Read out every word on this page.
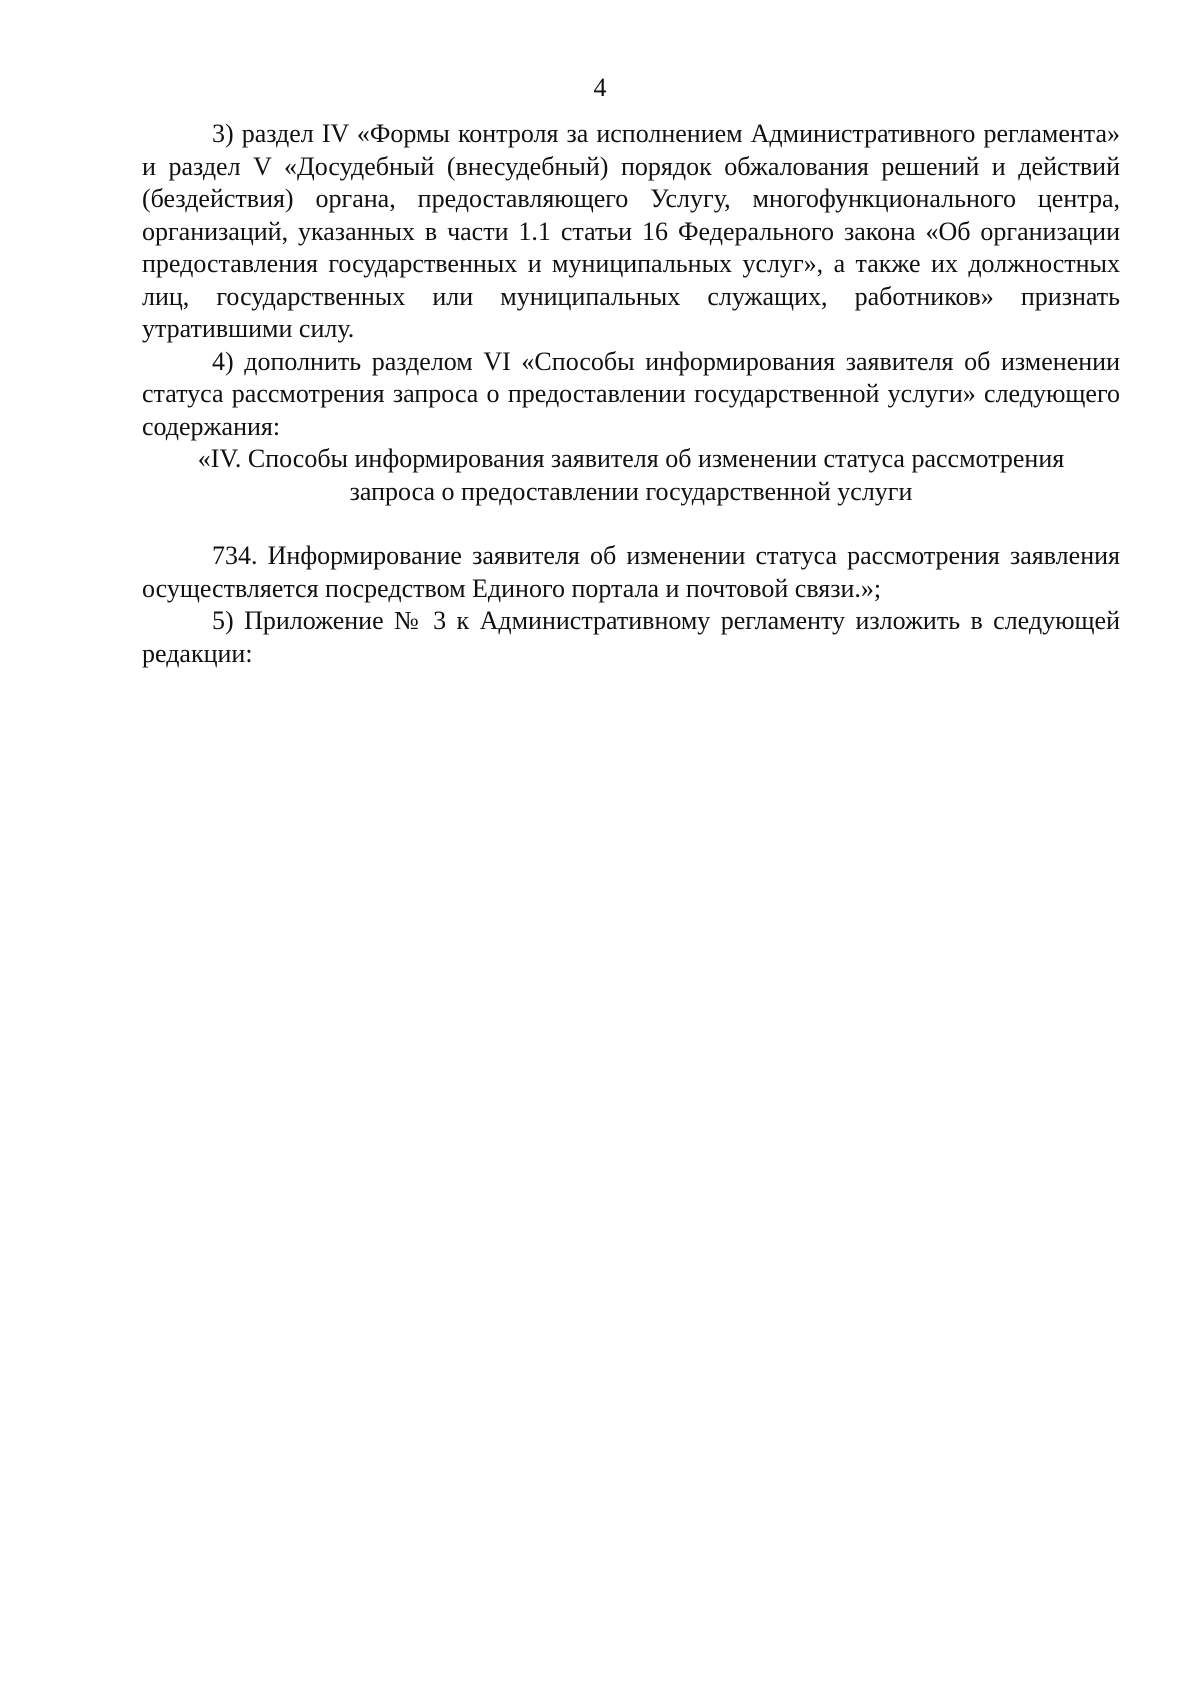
4

3) раздел IV «Формы контроля за исполнением Административного регламента» и раздел V «Досудебный (внесудебный) порядок обжалования решений и действий (бездействия) органа, предоставляющего Услугу, многофункционального центра, организаций, указанных в части 1.1 статьи 16 Федерального закона «Об организации предоставления государственных и муниципальных услуг», а также их должностных лиц, государственных или муниципальных служащих, работников» признать утратившими силу.

4) дополнить разделом VI «Способы информирования заявителя об изменении статуса рассмотрения запроса о предоставлении государственной услуги» следующего содержания:

«IV. Способы информирования заявителя об изменении статуса рассмотрения
запроса о предоставлении государственной услуги

734. Информирование заявителя об изменении статуса рассмотрения заявления осуществляется посредством Единого портала и почтовой связи.»;

5) Приложение № 3 к Административному регламенту изложить в следующей редакции:
